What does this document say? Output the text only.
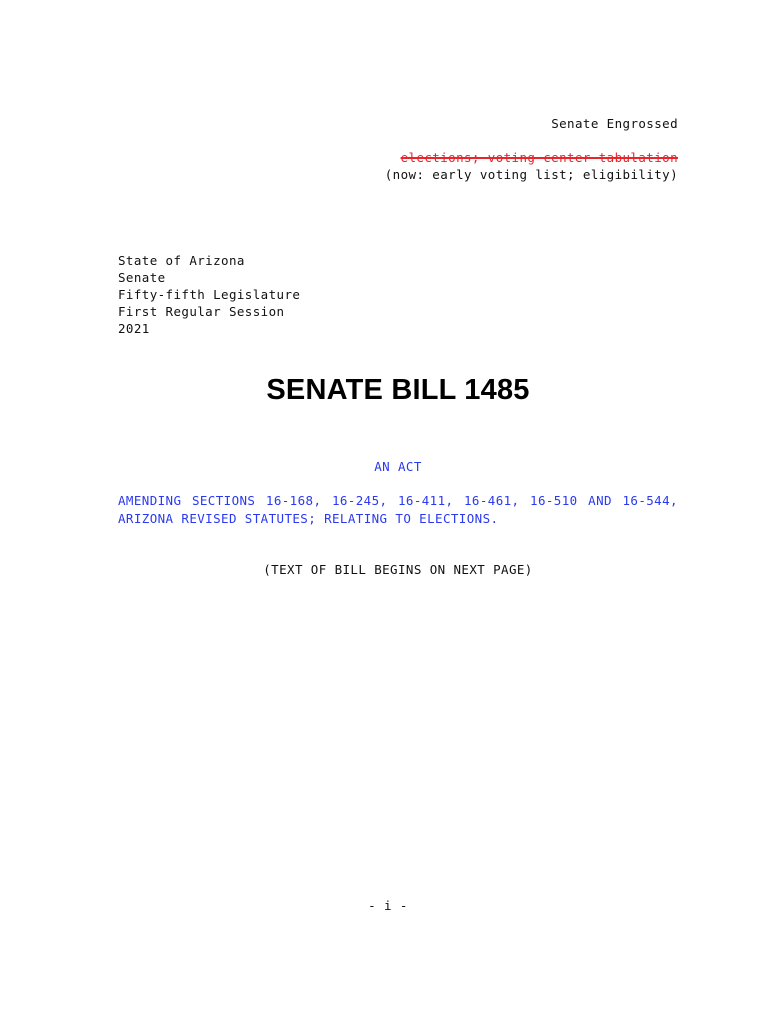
Senate Engrossed
elections; voting center tabulation
(now: early voting list; eligibility)
State of Arizona
Senate
Fifty-fifth Legislature
First Regular Session
2021
SENATE BILL 1485
AN ACT
AMENDING SECTIONS 16-168, 16-245, 16-411, 16-461, 16-510 AND 16-544,
ARIZONA REVISED STATUTES; RELATING TO ELECTIONS.
(TEXT OF BILL BEGINS ON NEXT PAGE)
- i -
